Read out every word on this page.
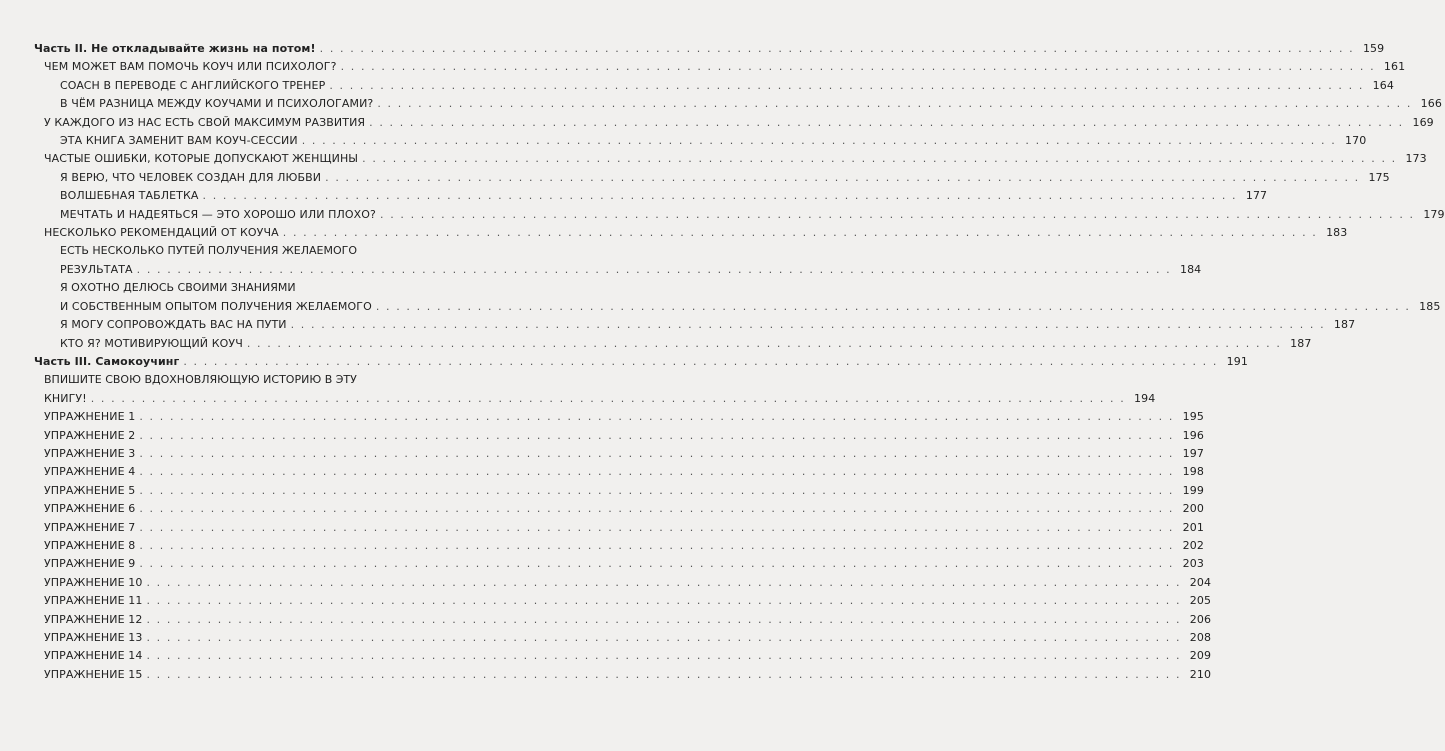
Часть II. Не откладывайте жизнь на потом! . . .	159
ЧЕМ МОЖЕТ ВАМ ПОМОЧЬ КОУЧ ИЛИ ПСИХОЛОГ? . . .	161
COACH В ПЕРЕВОДЕ С АНГЛИЙСКОГО ТРЕНЕР . . .	164
В ЧЁМ РАЗНИЦА МЕЖДУ КОУЧАМИ И ПСИХОЛОГАМИ? . . .	166
У КАЖДОГО ИЗ НАС ЕСТЬ СВОЙ МАКСИМУМ РАЗВИТИЯ . . .	169
ЭТА КНИГА ЗАМЕНИТ ВАМ КОУЧ-СЕССИИ . . .	170
ЧАСТЫЕ ОШИБКИ, КОТОРЫЕ ДОПУСКАЮТ ЖЕНЩИНЫ . . .	173
Я ВЕРЮ, ЧТО ЧЕЛОВЕК СОЗДАН ДЛЯ ЛЮБВИ . . .	175
ВОЛШЕБНАЯ ТАБЛЕТКА . . .	177
МЕЧТАТЬ И НАДЕЯТЬСЯ — ЭТО ХОРОШО ИЛИ ПЛОХО? . . .	179
НЕСКОЛЬКО РЕКОМЕНДАЦИЙ ОТ КОУЧА . . .	183
ЕСТЬ НЕСКОЛЬКО ПУТЕЙ ПОЛУЧЕНИЯ ЖЕЛАЕМОГО
РЕЗУЛЬТАТА . . .	184
Я ОХОТНО ДЕЛЮСЬ СВОИМИ ЗНАНИЯМИ
И СОБСТВЕННЫМ ОПЫТОМ ПОЛУЧЕНИЯ ЖЕЛАЕМОГО . . .	185
Я МОГУ СОПРОВОЖДАТЬ ВАС НА ПУТИ . . .	187
КТО Я? МОТИВИРУЮЩИЙ КОУЧ . . .	187
Часть III. Самокоучинг . . .	191
ВПИШИТЕ СВОЮ ВДОХНОВЛЯЮЩУЮ ИСТОРИЮ В ЭТУ
КНИГУ! . . .	194
УПРАЖНЕНИЕ 1 . . .	195
УПРАЖНЕНИЕ 2 . . .	196
УПРАЖНЕНИЕ 3 . . .	197
УПРАЖНЕНИЕ 4 . . .	198
УПРАЖНЕНИЕ 5 . . .	199
УПРАЖНЕНИЕ 6 . . .	200
УПРАЖНЕНИЕ 7 . . .	201
УПРАЖНЕНИЕ 8 . . .	202
УПРАЖНЕНИЕ 9 . . .	203
УПРАЖНЕНИЕ 10 . . .	204
УПРАЖНЕНИЕ 11 . . .	205
УПРАЖНЕНИЕ 12 . . .	206
УПРАЖНЕНИЕ 13 . . .	208
УПРАЖНЕНИЕ 14 . . .	209
УПРАЖНЕНИЕ 15 . . .	210
